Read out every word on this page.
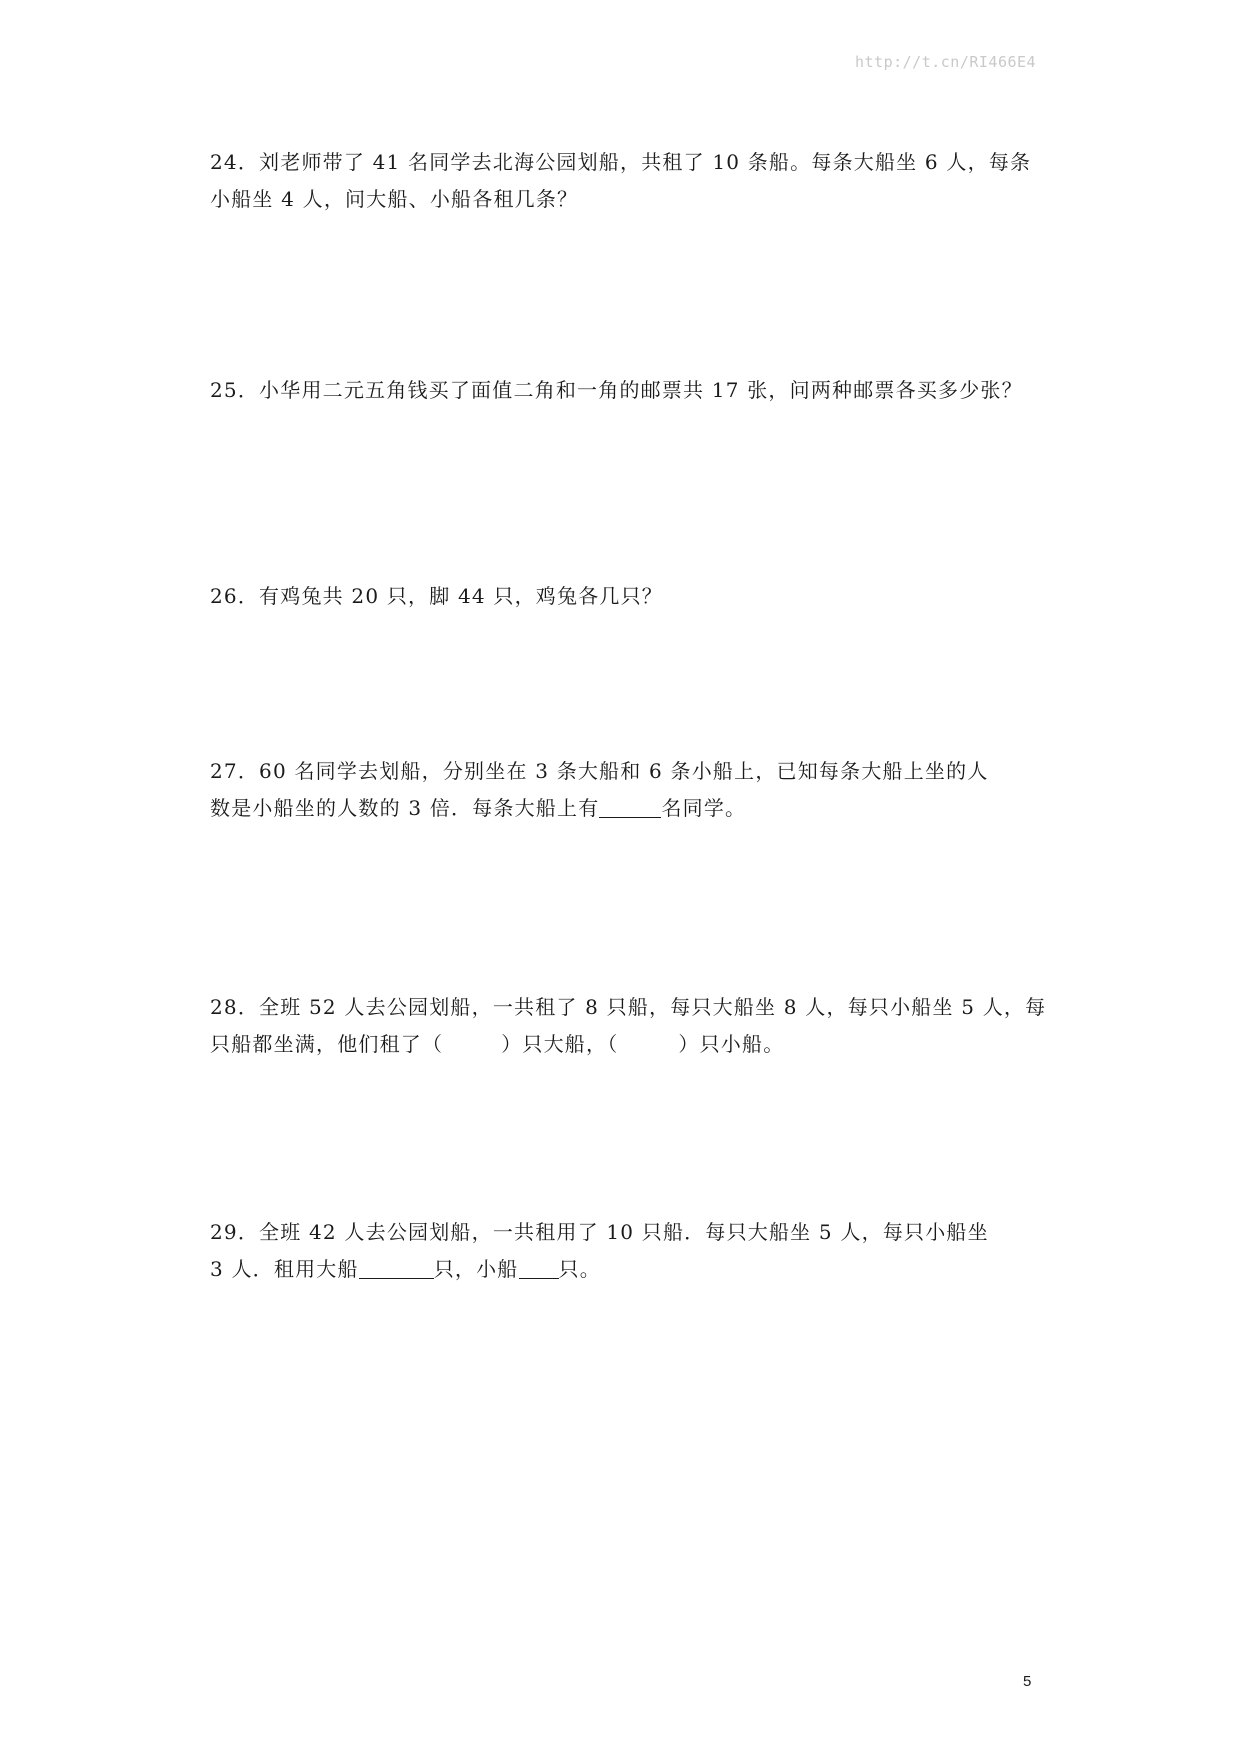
http://t.cn/RI466E4
24．刘老师带了 41 名同学去北海公园划船，共租了 10 条船。每条大船坐 6 人，每条
小船坐 4 人，问大船、小船各租几条？
25．小华用二元五角钱买了面值二角和一角的邮票共 17 张，问两种邮票各买多少张？
26．有鸡兔共 20 只，脚 44 只，鸡兔各几只？
27．60 名同学去划船，分别坐在 3 条大船和 6 条小船上，已知每条大船上坐的人
数是小船坐的人数的 3 倍．每条大船上有	名同学。
28．全班 52 人去公园划船，一共租了 8 只船，每只大船坐 8 人，每只小船坐 5 人，每
只船都坐满，他们租了（	）只大船，（	）只小船。
29．全班 42 人去公园划船，一共租用了 10 只船．每只大船坐 5 人，每只小船坐
3 人．租用大船	只，小船 只。
5
